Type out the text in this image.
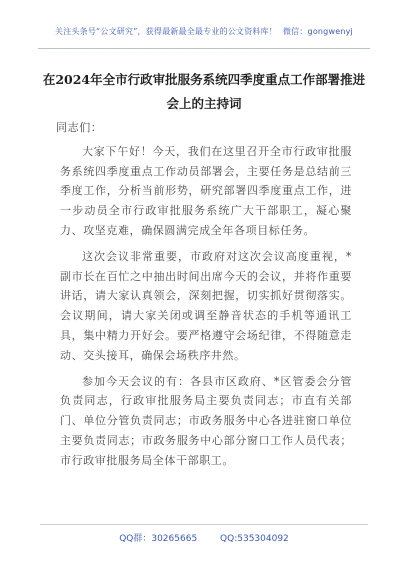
关注头条号“公文研究”，获得最新最全最专业的公文资料库！ 微信：gongwenyj
在2024年全市行政审批服务系统四季度重点工作部署推进
会上的主持词
同志们：

大家下午好！今天，我们在这里召开全市行政审批服务系统四季度重点工作动员部署会，主要任务是总结前三季度工作，分析当前形势，研究部署四季度重点工作，进一步动员全市行政审批服务系统广大干部职工，凝心聚力、攻坚克难，确保圆满完成全年各项目标任务。

这次会议非常重要，市政府对这次会议高度重视，*副市长在百忙之中抽出时间出席今天的会议，并将作重要讲话，请大家认真领会，深刻把握，切实抓好贯彻落实。会议期间，请大家关闭或调至静音状态的手机等通讯工具，集中精力开好会。要严格遵守会场纪律，不得随意走动、交头接耳，确保会场秩序井然。

参加今天会议的有：各县市区政府、*区管委会分管负责同志，行政审批服务局主要负责同志；市直有关部门、单位分管负责同志；市政务服务中心各进驻窗口单位主要负责同志；市政务服务中心部分窗口工作人员代表；市行政审批服务局全体干部职工。

QQ群：30265665	QQ:535304092
